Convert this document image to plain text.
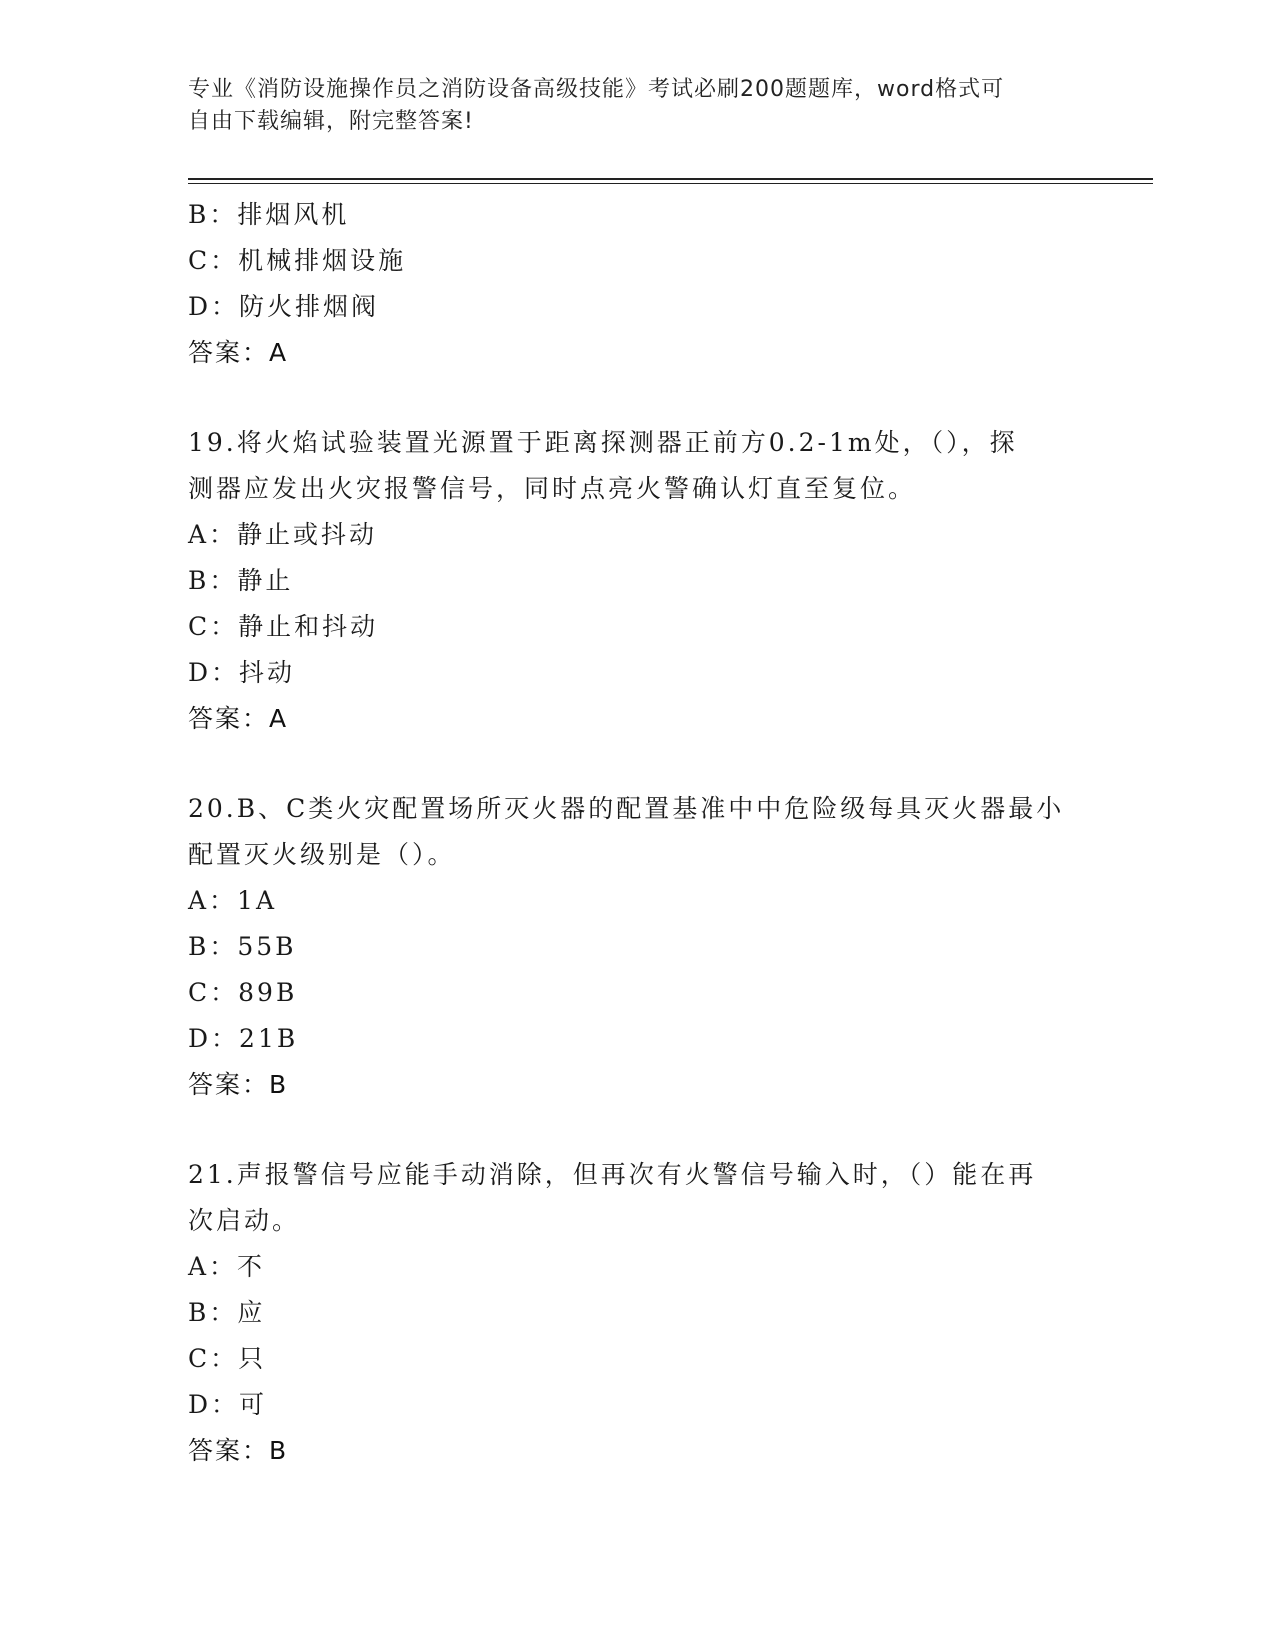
专业《消防设施操作员之消防设备高级技能》考试必刷200题题库，word格式可
自由下载编辑，附完整答案!
B：排烟风机
C：机械排烟设施
D：防火排烟阀
答案：A
19.将火焰试验装置光源置于距离探测器正前方0.2-1m处，（），探
测器应发出火灾报警信号，同时点亮火警确认灯直至复位。
A：静止或抖动
B：静止
C：静止和抖动
D：抖动
答案：A
20.B、C类火灾配置场所灭火器的配置基准中中危险级每具灭火器最小
配置灭火级别是（）。
A：1A
B：55B
C：89B
D：21B
答案：B
21.声报警信号应能手动消除，但再次有火警信号输入时，（）能在再
次启动。
A：不
B：应
C：只
D：可
答案：B
